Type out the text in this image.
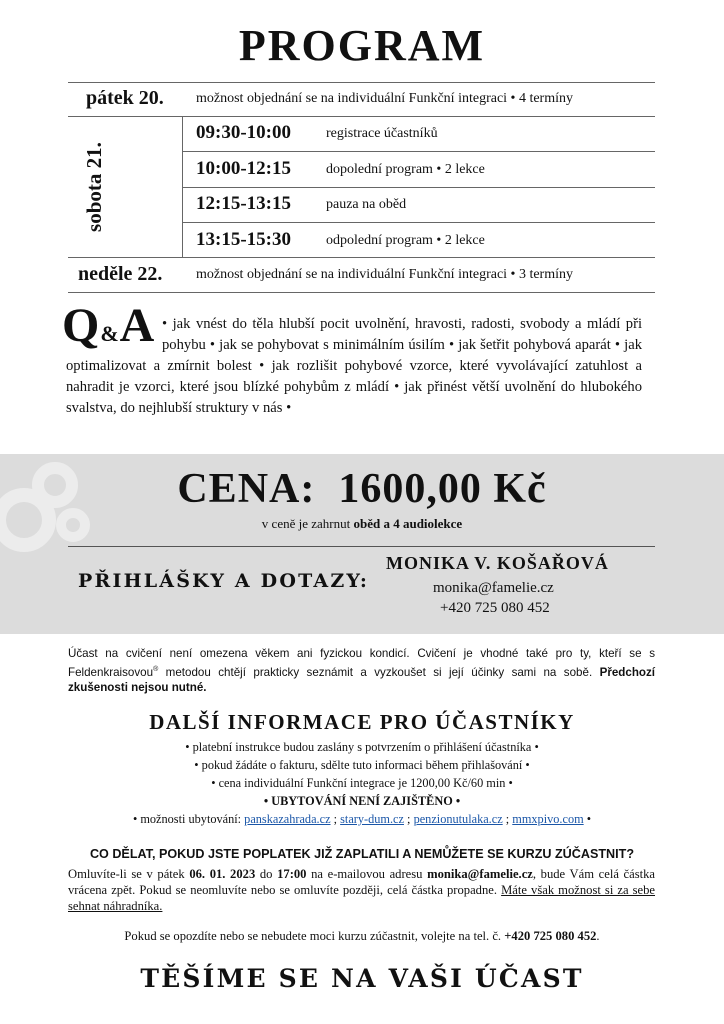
PROGRAM
pátek 20. možnost objednání se na individuální Funkční integraci • 4 termíny
sobota 21.
09:30-10:00	registrace účastníků
10:00-12:15	dopolední program • 2 lekce
12:15-13:15	pauza na oběd
13:15-15:30	odpolední program • 2 lekce
neděle 22. možnost objednání se na individuální Funkční integraci • 3 termíny
Q&A • jak vnést do těla hlubší pocit uvolnění, hravosti, radosti, svobody a mládí při pohybu • jak se pohybovat s minimálním úsilím • jak šetřit pohybová aparát • jak optimalizovat a zmírnit bolest • jak rozlišit pohybové vzorce, které vyvolávající zatuhlost a nahradit je vzorci, které jsou blízké pohybům z mládí • jak přinést větší uvolnění do hlubokého svalstva, do nejhlubší struktury v nás •
CENA: 1600,00 Kč
v ceně je zahrnut oběd a 4 audiolekce
PŘIHLÁŠKY A DOTAZY:
MONIKA V. KOŠAŘOVÁ
monika@famelie.cz
+420 725 080 452
Účast na cvičení není omezena věkem ani fyzickou kondicí. Cvičení je vhodné také pro ty, kteří se s Feldenkraisovou® metodou chtějí prakticky seznámit a vyzkoušet si její účinky sami na sobě. Předchozí zkušenosti nejsou nutné.
DALŠÍ INFORMACE PRO ÚČASTNÍKY
• platební instrukce budou zaslány s potvrzením o přihlášení účastníka •
• pokud žádáte o fakturu, sdělte tuto informaci během přihlašování •
• cena individuální Funkční integrace je 1200,00 Kč/60 min •
• UBYTOVÁNÍ NENÍ ZAJIŠTĚNO •
• možnosti ubytování: panskazahrada.cz ; stary-dum.cz ; penzionutulaka.cz ; mmxpivo.com •
CO DĚLAT, POKUD JSTE POPLATEK JIŽ ZAPLATILI A NEMŮŽETE SE KURZU ZÚČASTNIT?
Omluvíte-li se v pátek 06. 01. 2023 do 17:00 na e-mailovou adresu monika@famelie.cz, bude Vám celá částka vrácena zpět. Pokud se neomluvíte nebo se omluvíte později, celá částka propadne. Máte však možnost si za sebe sehnat náhradníka.
Pokud se opozdíte nebo se nebudete moci kurzu zúčastnit, volejte na tel. č. +420 725 080 452.
TĚŠÍME SE NA VAŠI ÚČAST
